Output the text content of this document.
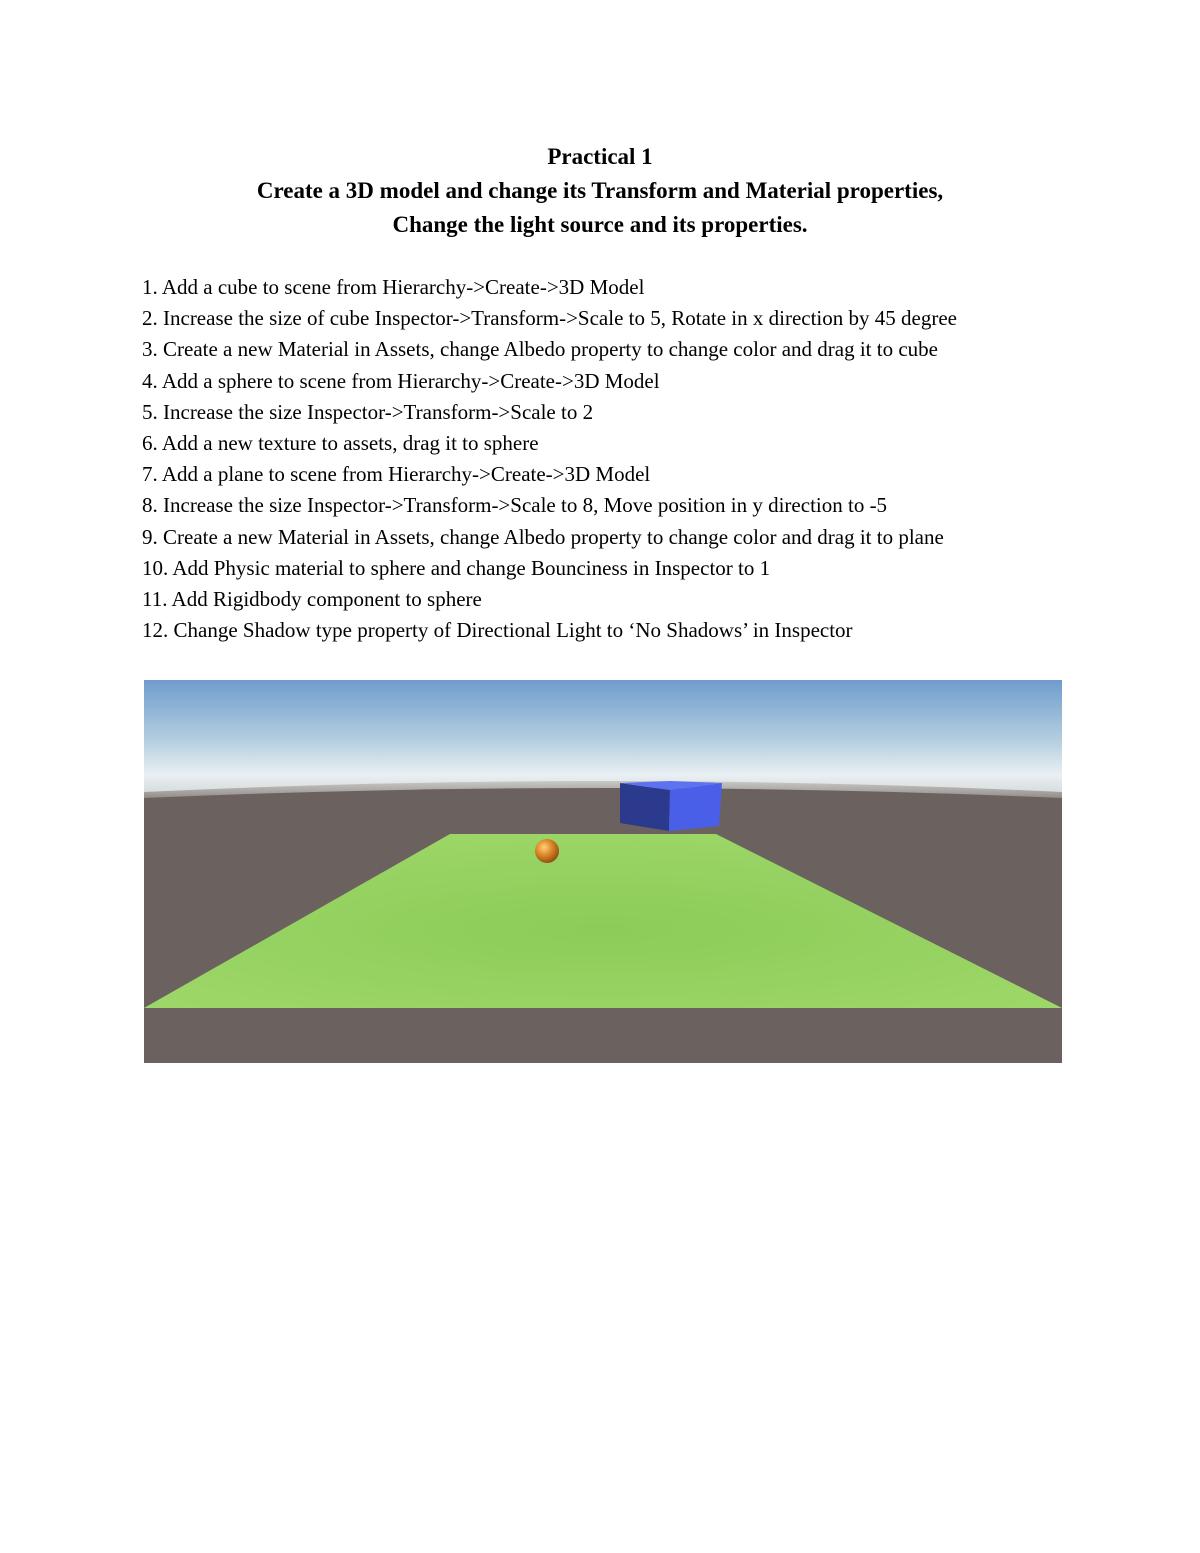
Practical 1
Create a 3D model and change its Transform and Material properties,
Change the light source and its properties.
1. Add a cube to scene from Hierarchy->Create->3D Model
2. Increase the size of cube Inspector->Transform->Scale to 5, Rotate in x direction by 45 degree
3. Create a new Material in Assets, change Albedo property to change color and drag it to cube
4. Add a sphere to scene from Hierarchy->Create->3D Model
5. Increase the size Inspector->Transform->Scale to 2
6. Add a new texture to assets, drag it to sphere
7. Add a plane to scene from Hierarchy->Create->3D Model
8. Increase the size Inspector->Transform->Scale to 8, Move position in y direction to -5
9. Create a new Material in Assets, change Albedo property to change color and drag it to plane
10. Add Physic material to sphere and change Bounciness in Inspector to 1
11. Add Rigidbody component to sphere
12. Change Shadow type property of Directional Light to ‘No Shadows’ in Inspector
